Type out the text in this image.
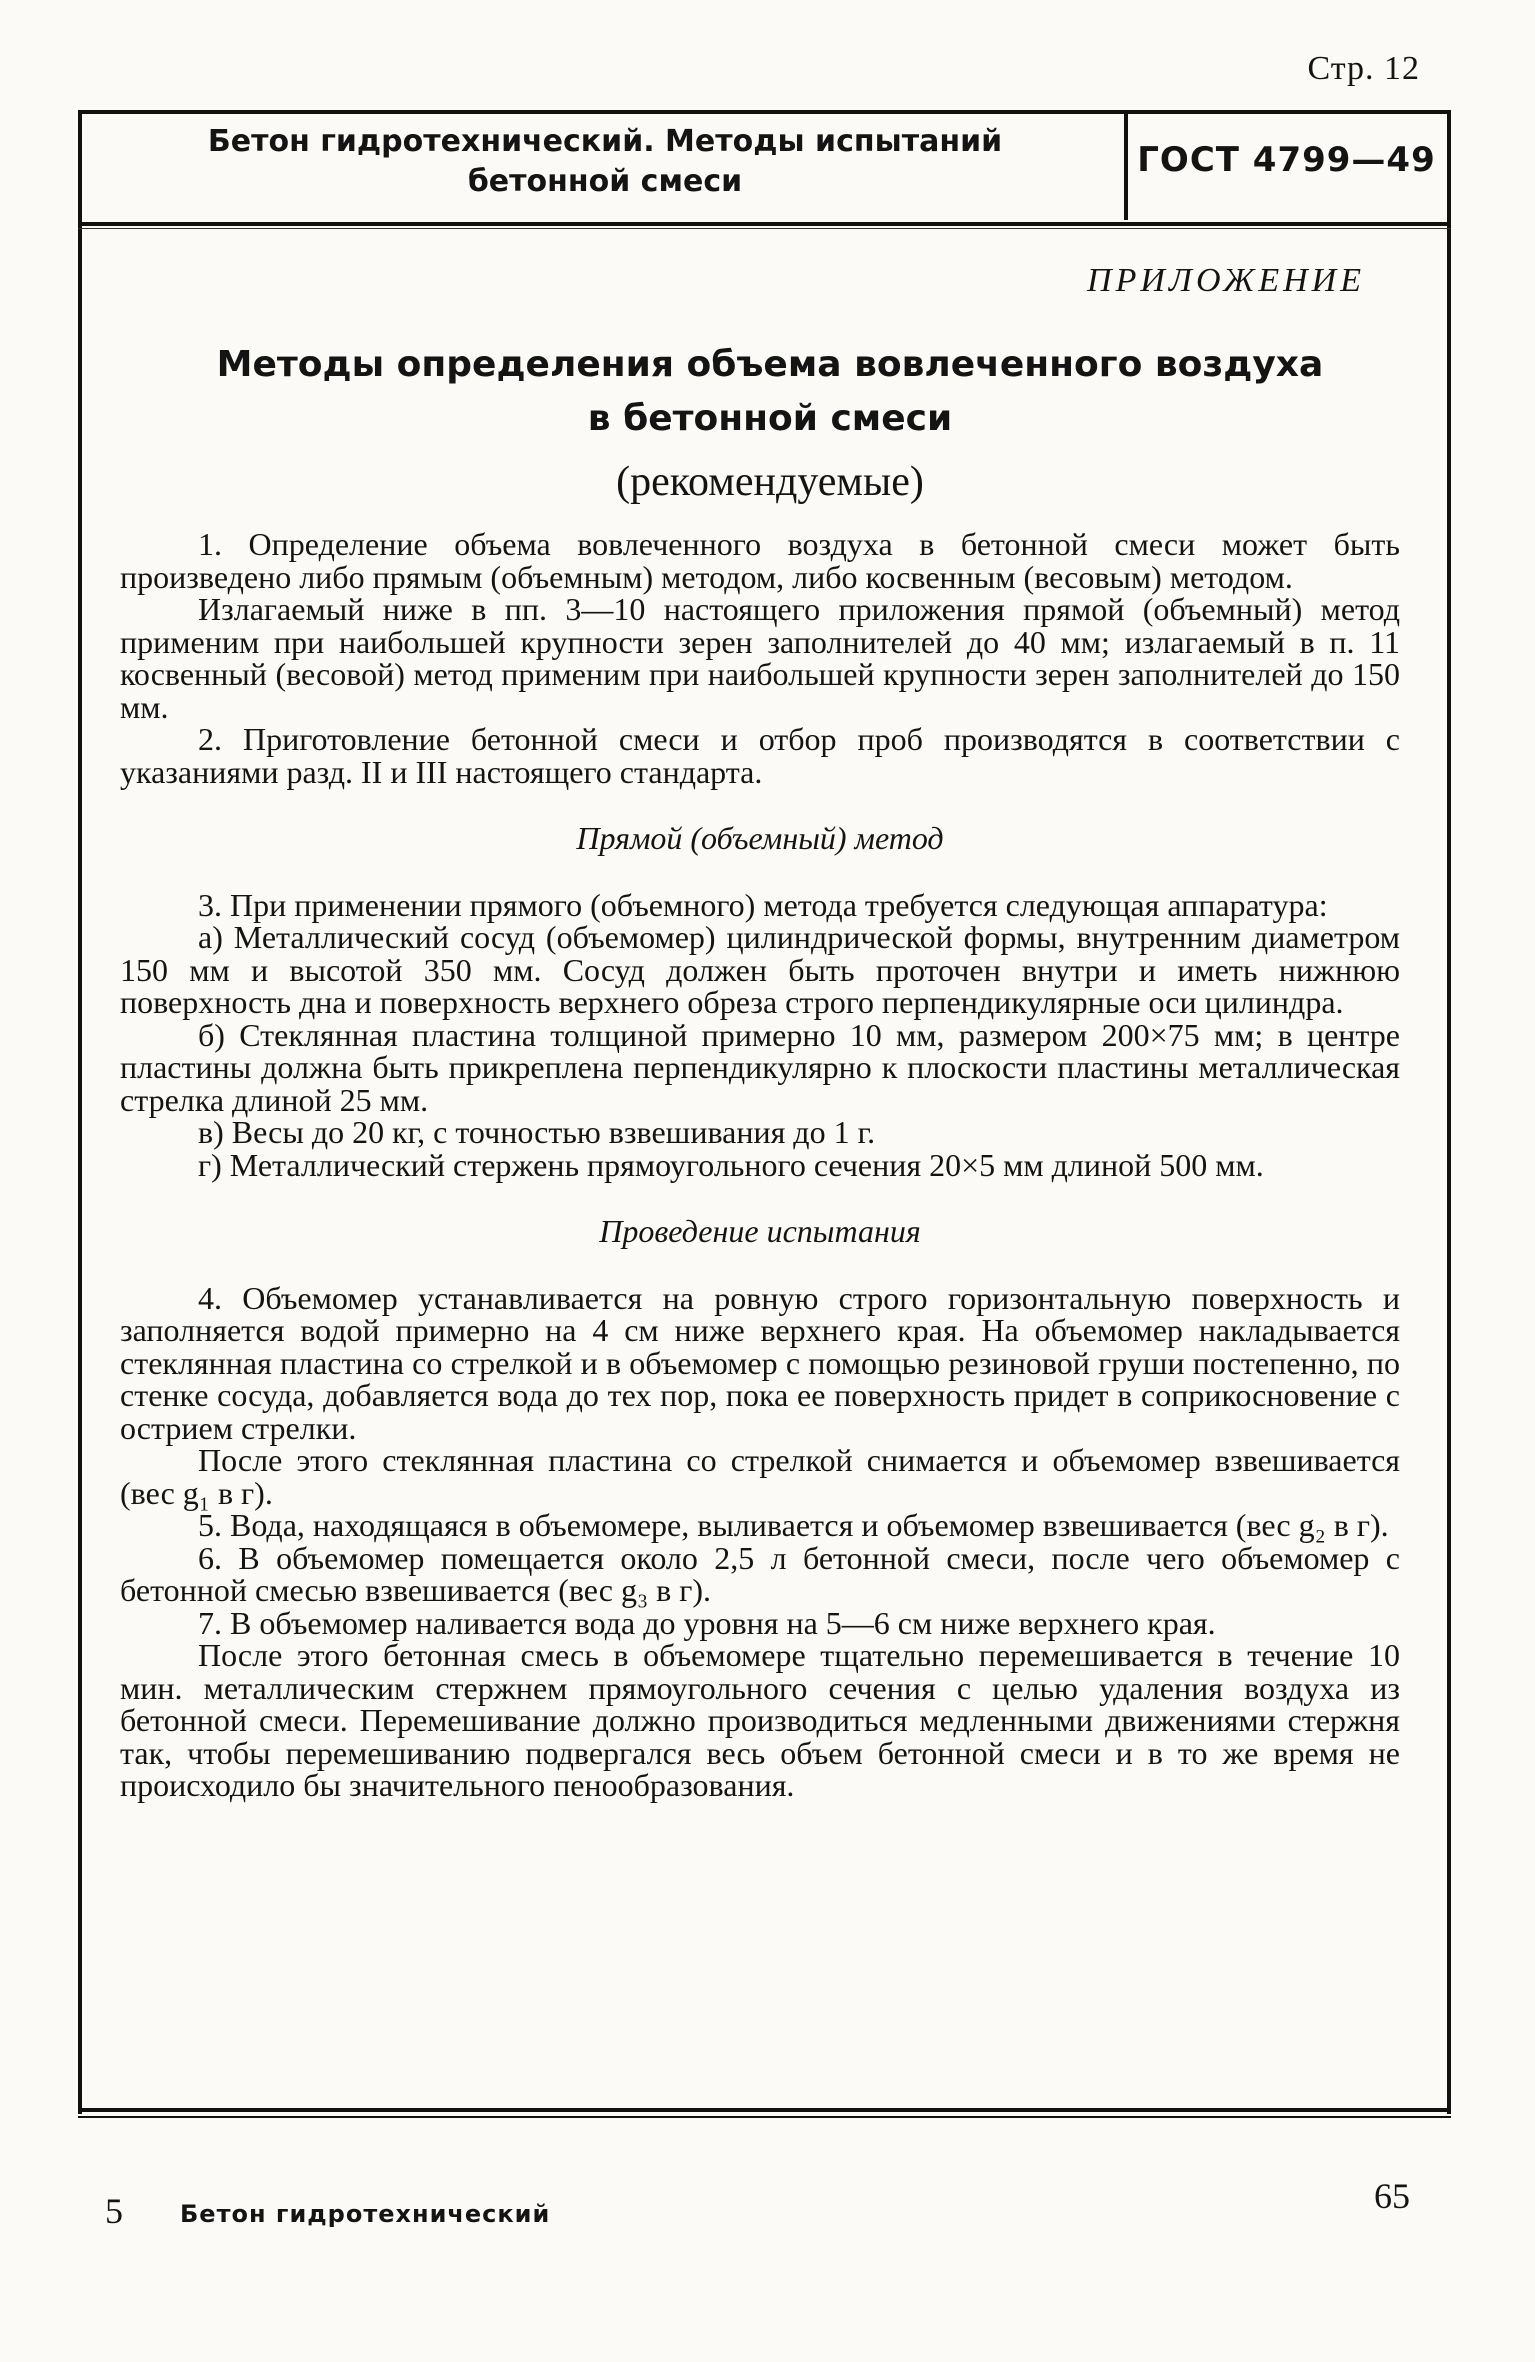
Стр. 12
Бетон гидротехнический. Методы испытаний
бетонной смеси
ГОСТ 4799—49
ПРИЛОЖЕНИЕ
Методы определения объема вовлеченного воздуха
в бетонной смеси
(рекомендуемые)

1. Определение объема вовлеченного воздуха в бетонной смеси может быть произведено либо прямым (объемным) методом, либо косвенным (весовым) методом.

Излагаемый ниже в пп. 3—10 настоящего приложения прямой (объемный) метод применим при наибольшей крупности зерен заполнителей до 40 мм; излагаемый в п. 11 косвенный (весовой) метод применим при наибольшей крупности зерен заполнителей до 150 мм.

2. Приготовление бетонной смеси и отбор проб производятся в соответствии с указаниями разд. II и III настоящего стандарта.

Прямой (объемный) метод

3. При применении прямого (объемного) метода требуется следующая аппаратура:

а) Металлический сосуд (объемомер) цилиндрической формы, внутренним диаметром 150 мм и высотой 350 мм. Сосуд должен быть проточен внутри и иметь нижнюю поверхность дна и поверхность верхнего обреза строго перпендикулярные оси цилиндра.

б) Стеклянная пластина толщиной примерно 10 мм, размером 200×75 мм; в центре пластины должна быть прикреплена перпендикулярно к плоскости пластины металлическая стрелка длиной 25 мм.

в) Весы до 20 кг, с точностью взвешивания до 1 г.

г) Металлический стержень прямоугольного сечения 20×5 мм длиной 500 мм.

Проведение испытания

4. Объемомер устанавливается на ровную строго горизонтальную поверхность и заполняется водой примерно на 4 см ниже верхнего края. На объемомер накладывается стеклянная пластина со стрелкой и в объемомер с помощью резиновой груши постепенно, по стенке сосуда, добавляется вода до тех пор, пока ее поверхность придет в соприкосновение с острием стрелки.

После этого стеклянная пластина со стрелкой снимается и объемомер взвешивается (вес g₁ в г).

5. Вода, находящаяся в объемомере, выливается и объемомер взвешивается (вес g₂ в г).

6. В объемомер помещается около 2,5 л бетонной смеси, после чего объемомер с бетонной смесью взвешивается (вес g₃ в г).

7. В объемомер наливается вода до уровня на 5—6 см ниже верхнего края.

После этого бетонная смесь в объемомере тщательно перемешивается в течение 10 мин. металлическим стержнем прямоугольного сечения с целью удаления воздуха из бетонной смеси. Перемешивание должно производиться медленными движениями стержня так, чтобы перемешиванию подвергался весь объем бетонной смеси и в то же время не происходило бы значительного пенообразования.

5 Бетон гидротехнический	65
